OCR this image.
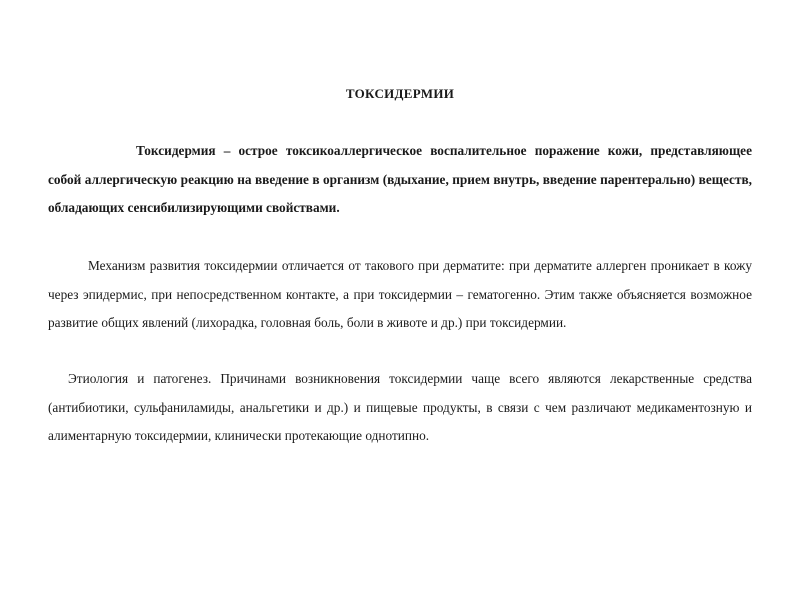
ТОКСИДЕРМИИ

Токсидермия – острое токсикоаллергическое воспалительное поражение кожи, представляющее собой аллергическую реакцию на введение в организм (вдыхание, прием внутрь, введение парентерально) веществ, обладающих сенсибилизирующими свойствами.

Механизм развития токсидермии отличается от такового при дерматите: при дерматите аллерген проникает в кожу через эпидермис, при непосредственном контакте, а при токсидермии – гематогенно. Этим также объясняется возможное развитие общих явлений (лихорадка, головная боль, боли в животе и др.) при токсидермии.

Этиология и патогенез. Причинами возникновения токсидермии чаще всего являются лекарственные средства (антибиотики, сульфаниламиды, анальгетики и др.) и пищевые продукты, в связи с чем различают медикаментозную и алиментарную токсидермии, клинически протекающие однотипно.
